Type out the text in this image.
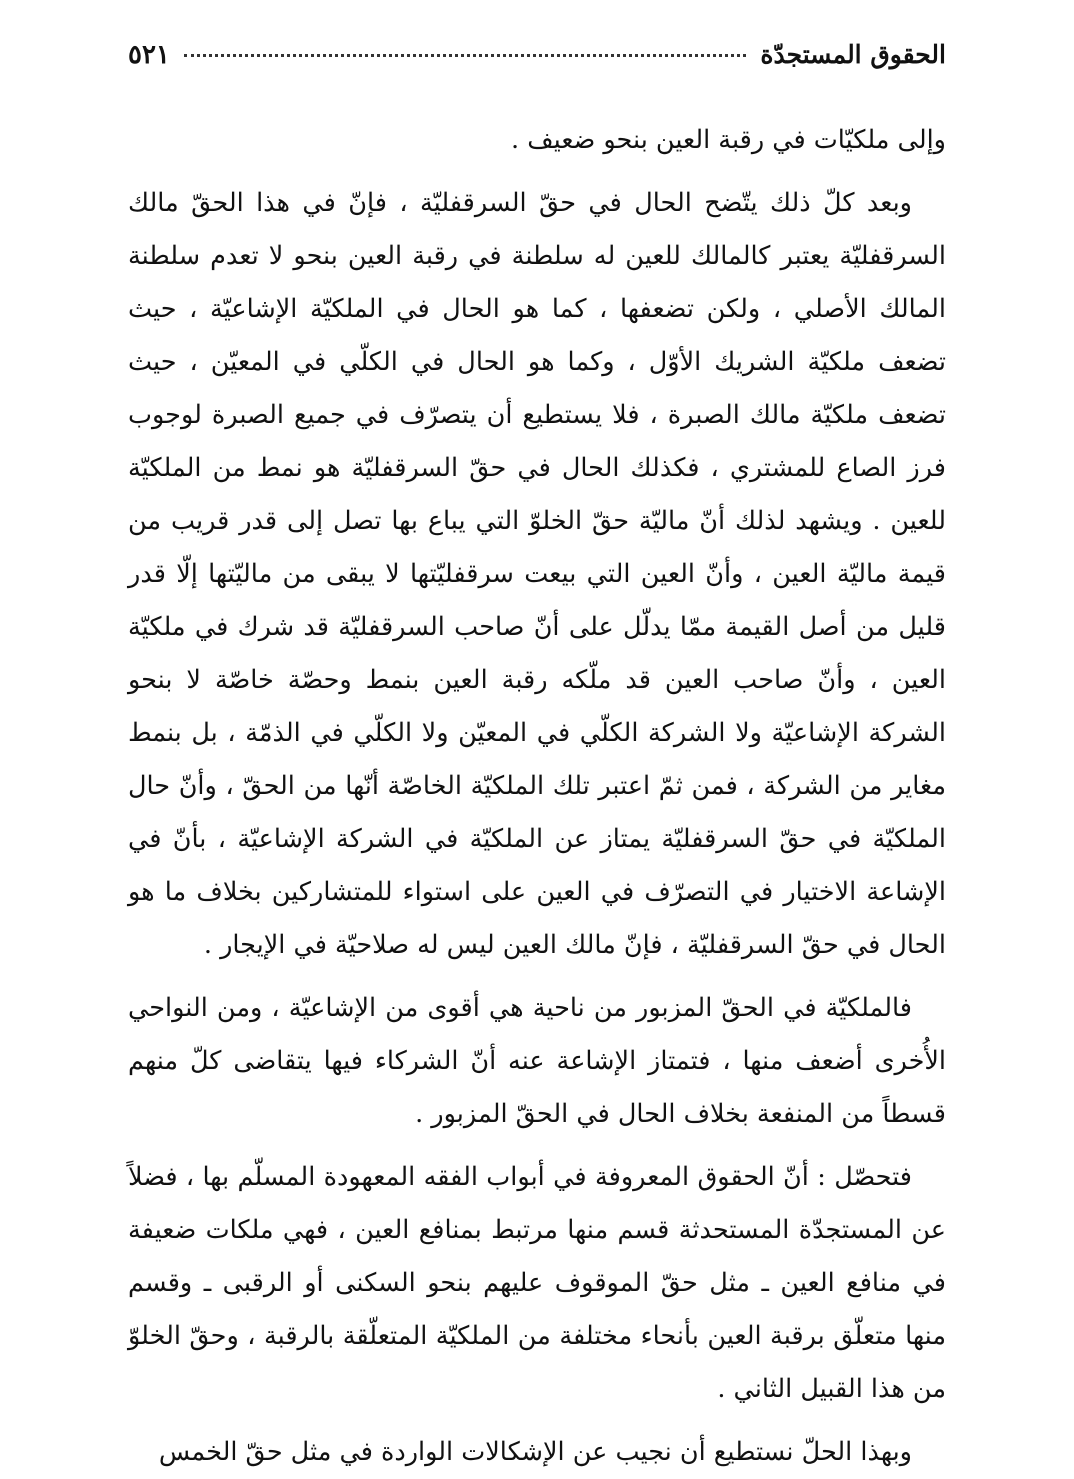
الحقوق المستجدّة
٥٢١

وإلى ملكيّات في رقبة العين بنحو ضعيف .

وبعد كلّ ذلك يتّضح الحال في حقّ السرقفليّة ، فإنّ في هذا الحقّ مالك السرقفليّة يعتبر كالمالك للعين له سلطنة في رقبة العين بنحو لا تعدم سلطنة المالك الأصلي ، ولكن تضعفها ، كما هو الحال في الملكيّة الإشاعيّة ، حيث تضعف ملكيّة الشريك الأوّل ، وكما هو الحال في الكلّي في المعيّن ، حيث تضعف ملكيّة مالك الصبرة ، فلا يستطيع أن يتصرّف في جميع الصبرة لوجوب فرز الصاع للمشتري ، فكذلك الحال في حقّ السرقفليّة هو نمط من الملكيّة للعين . ويشهد لذلك أنّ ماليّة حقّ الخلوّ التي يباع بها تصل إلى قدر قريب من قيمة ماليّة العين ، وأنّ العين التي بيعت سرقفليّتها لا يبقى من ماليّتها إلّا قدر قليل من أصل القيمة ممّا يدلّل على أنّ صاحب السرقفليّة قد شرك في ملكيّة العين ، وأنّ صاحب العين قد ملّكه رقبة العين بنمط وحصّة خاصّة لا بنحو الشركة الإشاعيّة ولا الشركة الكلّي في المعيّن ولا الكلّي في الذمّة ، بل بنمط مغاير من الشركة ، فمن ثمّ اعتبر تلك الملكيّة الخاصّة أنّها من الحقّ ، وأنّ حال الملكيّة في حقّ السرقفليّة يمتاز عن الملكيّة في الشركة الإشاعيّة ، بأنّ في الإشاعة الاختيار في التصرّف في العين على استواء للمتشاركين بخلاف ما هو الحال في حقّ السرقفليّة ، فإنّ مالك العين ليس له صلاحيّة في الإيجار .

فالملكيّة في الحقّ المزبور من ناحية هي أقوى من الإشاعيّة ، ومن النواحي الأُخرى أضعف منها ، فتمتاز الإشاعة عنه أنّ الشركاء فيها يتقاضى كلّ منهم قسطاً من المنفعة بخلاف الحال في الحقّ المزبور .

فتحصّل : أنّ الحقوق المعروفة في أبواب الفقه المعهودة المسلّم بها ، فضلاً عن المستجدّة المستحدثة قسم منها مرتبط بمنافع العين ، فهي ملكات ضعيفة في منافع العين ـ مثل حقّ الموقوف عليهم بنحو السكنى أو الرقبى ـ وقسم منها متعلّق برقبة العين بأنحاء مختلفة من الملكيّة المتعلّقة بالرقبة ، وحقّ الخلوّ من هذا القبيل الثاني .

وبهذا الحلّ نستطيع أن نجيب عن الإشكالات الواردة في مثل حقّ الخمس
